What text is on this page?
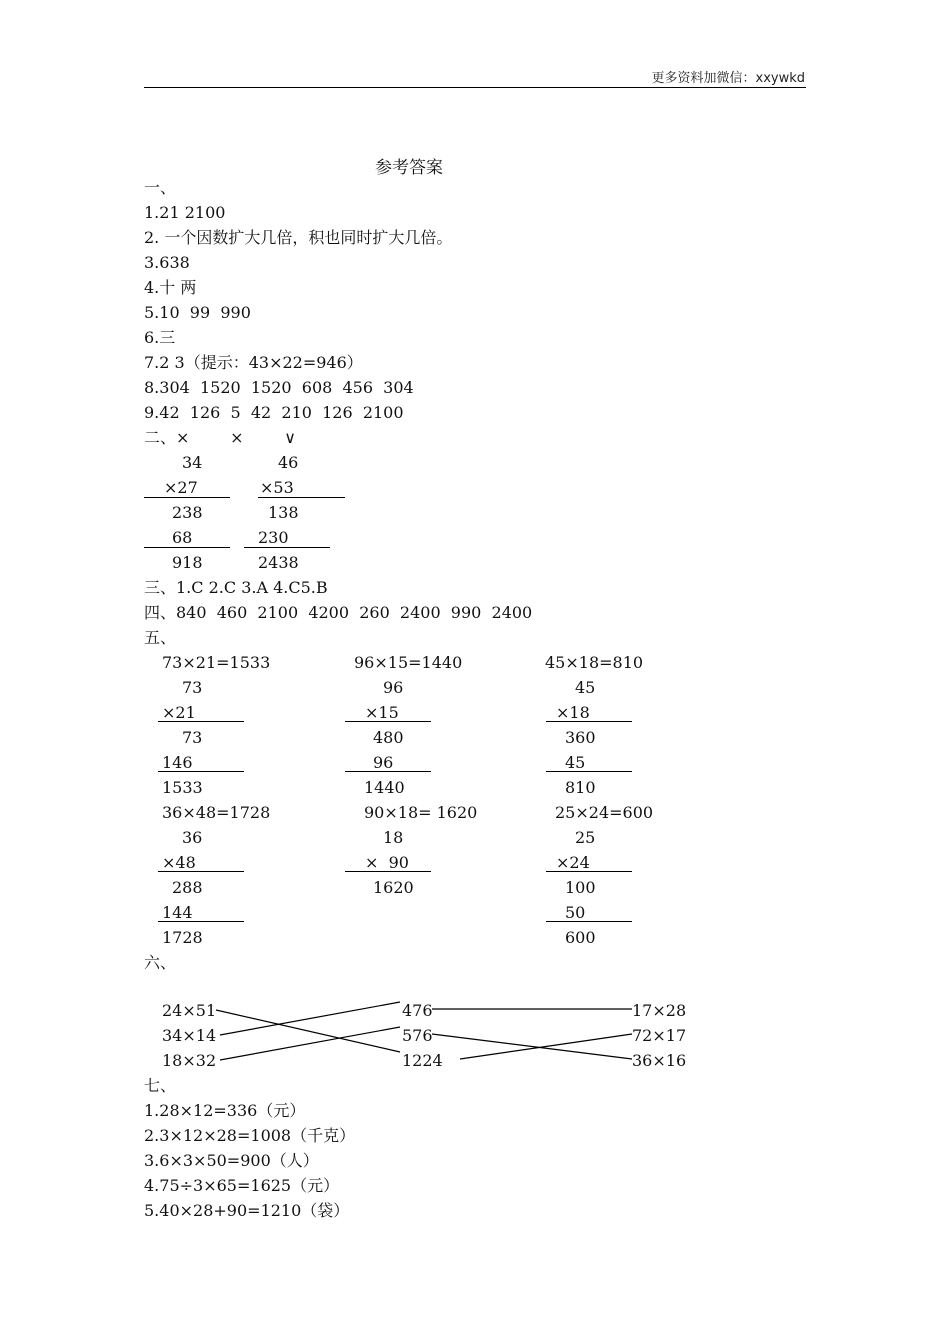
更多资料加微信：xxywkd
参考答案
一、
1.21 2100
2. 一个因数扩大几倍，积也同时扩大几倍。
3.638
4.十 两
5.10  99  990
6.三
7.2 3（提示：43×22=946）
8.304  1520  1520  608  456  304
9.42  126  5  42  210  126  2100
二、×        ×        ∨
34
×27
238
68
918
46
×53
138
230
2438
三、1.C 2.C 3.A 4.C5.B
四、840  460  2100  4200  260  2400  990  2400
五、
73×21=1533
73
×21
73
146
1533
96×15=1440
96
×15
480
96
1440
45×18=810
45
×18
360
45
810
36×48=1728
36
×48
288
144
1728
90×18= 1620
18
×  90
1620
25×24=600
25
×24
100
50
600
六、
24×51
34×14
18×32
476
576
1224
17×28
72×17
36×16
七、
1.28×12=336（元）
2.3×12×28=1008（千克）
3.6×3×50=900（人）
4.75÷3×65=1625（元）
5.40×28+90=1210（袋）
